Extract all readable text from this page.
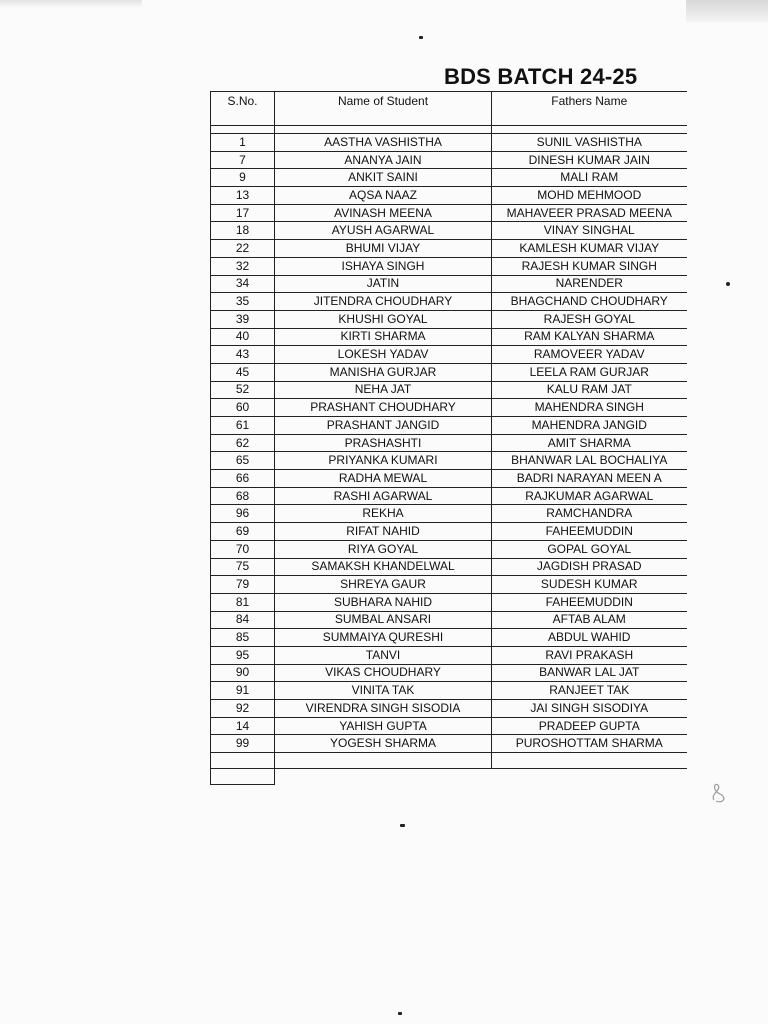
BDS BATCH 24-25
S.No.	Name of Student	Fathers Name

1	AASTHA VASHISTHA	SUNIL VASHISTHA
7	ANANYA JAIN	DINESH KUMAR JAIN
9	ANKIT SAINI	MALI RAM
13	AQSA NAAZ	MOHD MEHMOOD
17	AVINASH MEENA	MAHAVEER PRASAD MEENA
18	AYUSH AGARWAL	VINAY SINGHAL
22	BHUMI VIJAY	KAMLESH KUMAR VIJAY
32	ISHAYA SINGH	RAJESH KUMAR SINGH
34	JATIN	NARENDER
35	JITENDRA CHOUDHARY	BHAGCHAND CHOUDHARY
39	KHUSHI GOYAL	RAJESH GOYAL
40	KIRTI SHARMA	RAM KALYAN SHARMA
43	LOKESH YADAV	RAMOVEER YADAV
45	MANISHA GURJAR	LEELA RAM GURJAR
52	NEHA JAT	KALU RAM JAT
60	PRASHANT CHOUDHARY	MAHENDRA SINGH
61	PRASHANT JANGID	MAHENDRA JANGID
62	PRASHASHTI	AMIT SHARMA
65	PRIYANKA KUMARI	BHANWAR LAL BOCHALIYA
66	RADHA MEWAL	BADRI NARAYAN MEEN A
68	RASHI AGARWAL	RAJKUMAR AGARWAL
96	REKHA	RAMCHANDRA
69	RIFAT NAHID	FAHEEMUDDIN
70	RIYA GOYAL	GOPAL GOYAL
75	SAMAKSH KHANDELWAL	JAGDISH PRASAD
79	SHREYA GAUR	SUDESH KUMAR
81	SUBHARA NAHID	FAHEEMUDDIN
84	SUMBAL ANSARI	AFTAB ALAM
85	SUMMAIYA QURESHI	ABDUL WAHID
95	TANVI	RAVI PRAKASH
90	VIKAS CHOUDHARY	BANWAR LAL JAT
91	VINITA TAK	RANJEET TAK
92	VIRENDRA SINGH SISODIA	JAI SINGH SISODIYA
14	YAHISH GUPTA	PRADEEP GUPTA
99	YOGESH SHARMA	PUROSHOTTAM SHARMA
